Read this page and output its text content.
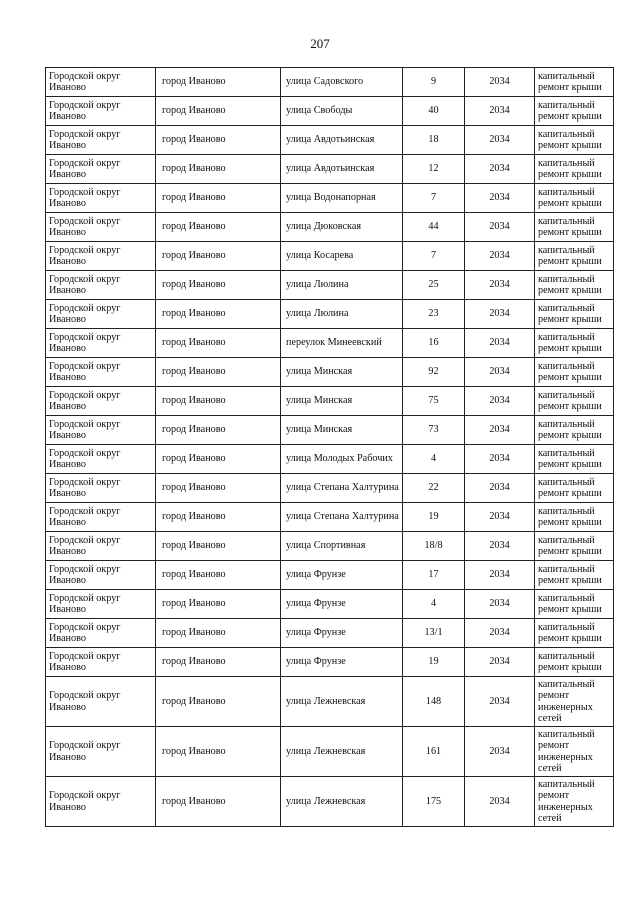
207
Городской округ Иваново	город Иваново	улица Садовского	9	2034	капитальный ремонт крыши
Городской округ Иваново	город Иваново	улица Свободы	40	2034	капитальный ремонт крыши
Городской округ Иваново	город Иваново	улица Авдотьинская	18	2034	капитальный ремонт крыши
Городской округ Иваново	город Иваново	улица Авдотьинская	12	2034	капитальный ремонт крыши
Городской округ Иваново	город Иваново	улица Водонапорная	7	2034	капитальный ремонт крыши
Городской округ Иваново	город Иваново	улица Дюковская	44	2034	капитальный ремонт крыши
Городской округ Иваново	город Иваново	улица Косарева	7	2034	капитальный ремонт крыши
Городской округ Иваново	город Иваново	улица Люлина	25	2034	капитальный ремонт крыши
Городской округ Иваново	город Иваново	улица Люлина	23	2034	капитальный ремонт крыши
Городской округ Иваново	город Иваново	переулок Минеевский	16	2034	капитальный ремонт крыши
Городской округ Иваново	город Иваново	улица Минская	92	2034	капитальный ремонт крыши
Городской округ Иваново	город Иваново	улица Минская	75	2034	капитальный ремонт крыши
Городской округ Иваново	город Иваново	улица Минская	73	2034	капитальный ремонт крыши
Городской округ Иваново	город Иваново	улица Молодых Рабочих	4	2034	капитальный ремонт крыши
Городской округ Иваново	город Иваново	улица Степана Халтурина	22	2034	капитальный ремонт крыши
Городской округ Иваново	город Иваново	улица Степана Халтурина	19	2034	капитальный ремонт крыши
Городской округ Иваново	город Иваново	улица Спортивная	18/8	2034	капитальный ремонт крыши
Городской округ Иваново	город Иваново	улица Фрунзе	17	2034	капитальный ремонт крыши
Городской округ Иваново	город Иваново	улица Фрунзе	4	2034	капитальный ремонт крыши
Городской округ Иваново	город Иваново	улица Фрунзе	13/1	2034	капитальный ремонт крыши
Городской округ Иваново	город Иваново	улица Фрунзе	19	2034	капитальный ремонт крыши
Городской округ Иваново	город Иваново	улица Лежневская	148	2034	капитальный ремонт инженерных сетей
Городской округ Иваново	город Иваново	улица Лежневская	161	2034	капитальный ремонт инженерных сетей
Городской округ Иваново	город Иваново	улица Лежневская	175	2034	капитальный ремонт инженерных сетей
